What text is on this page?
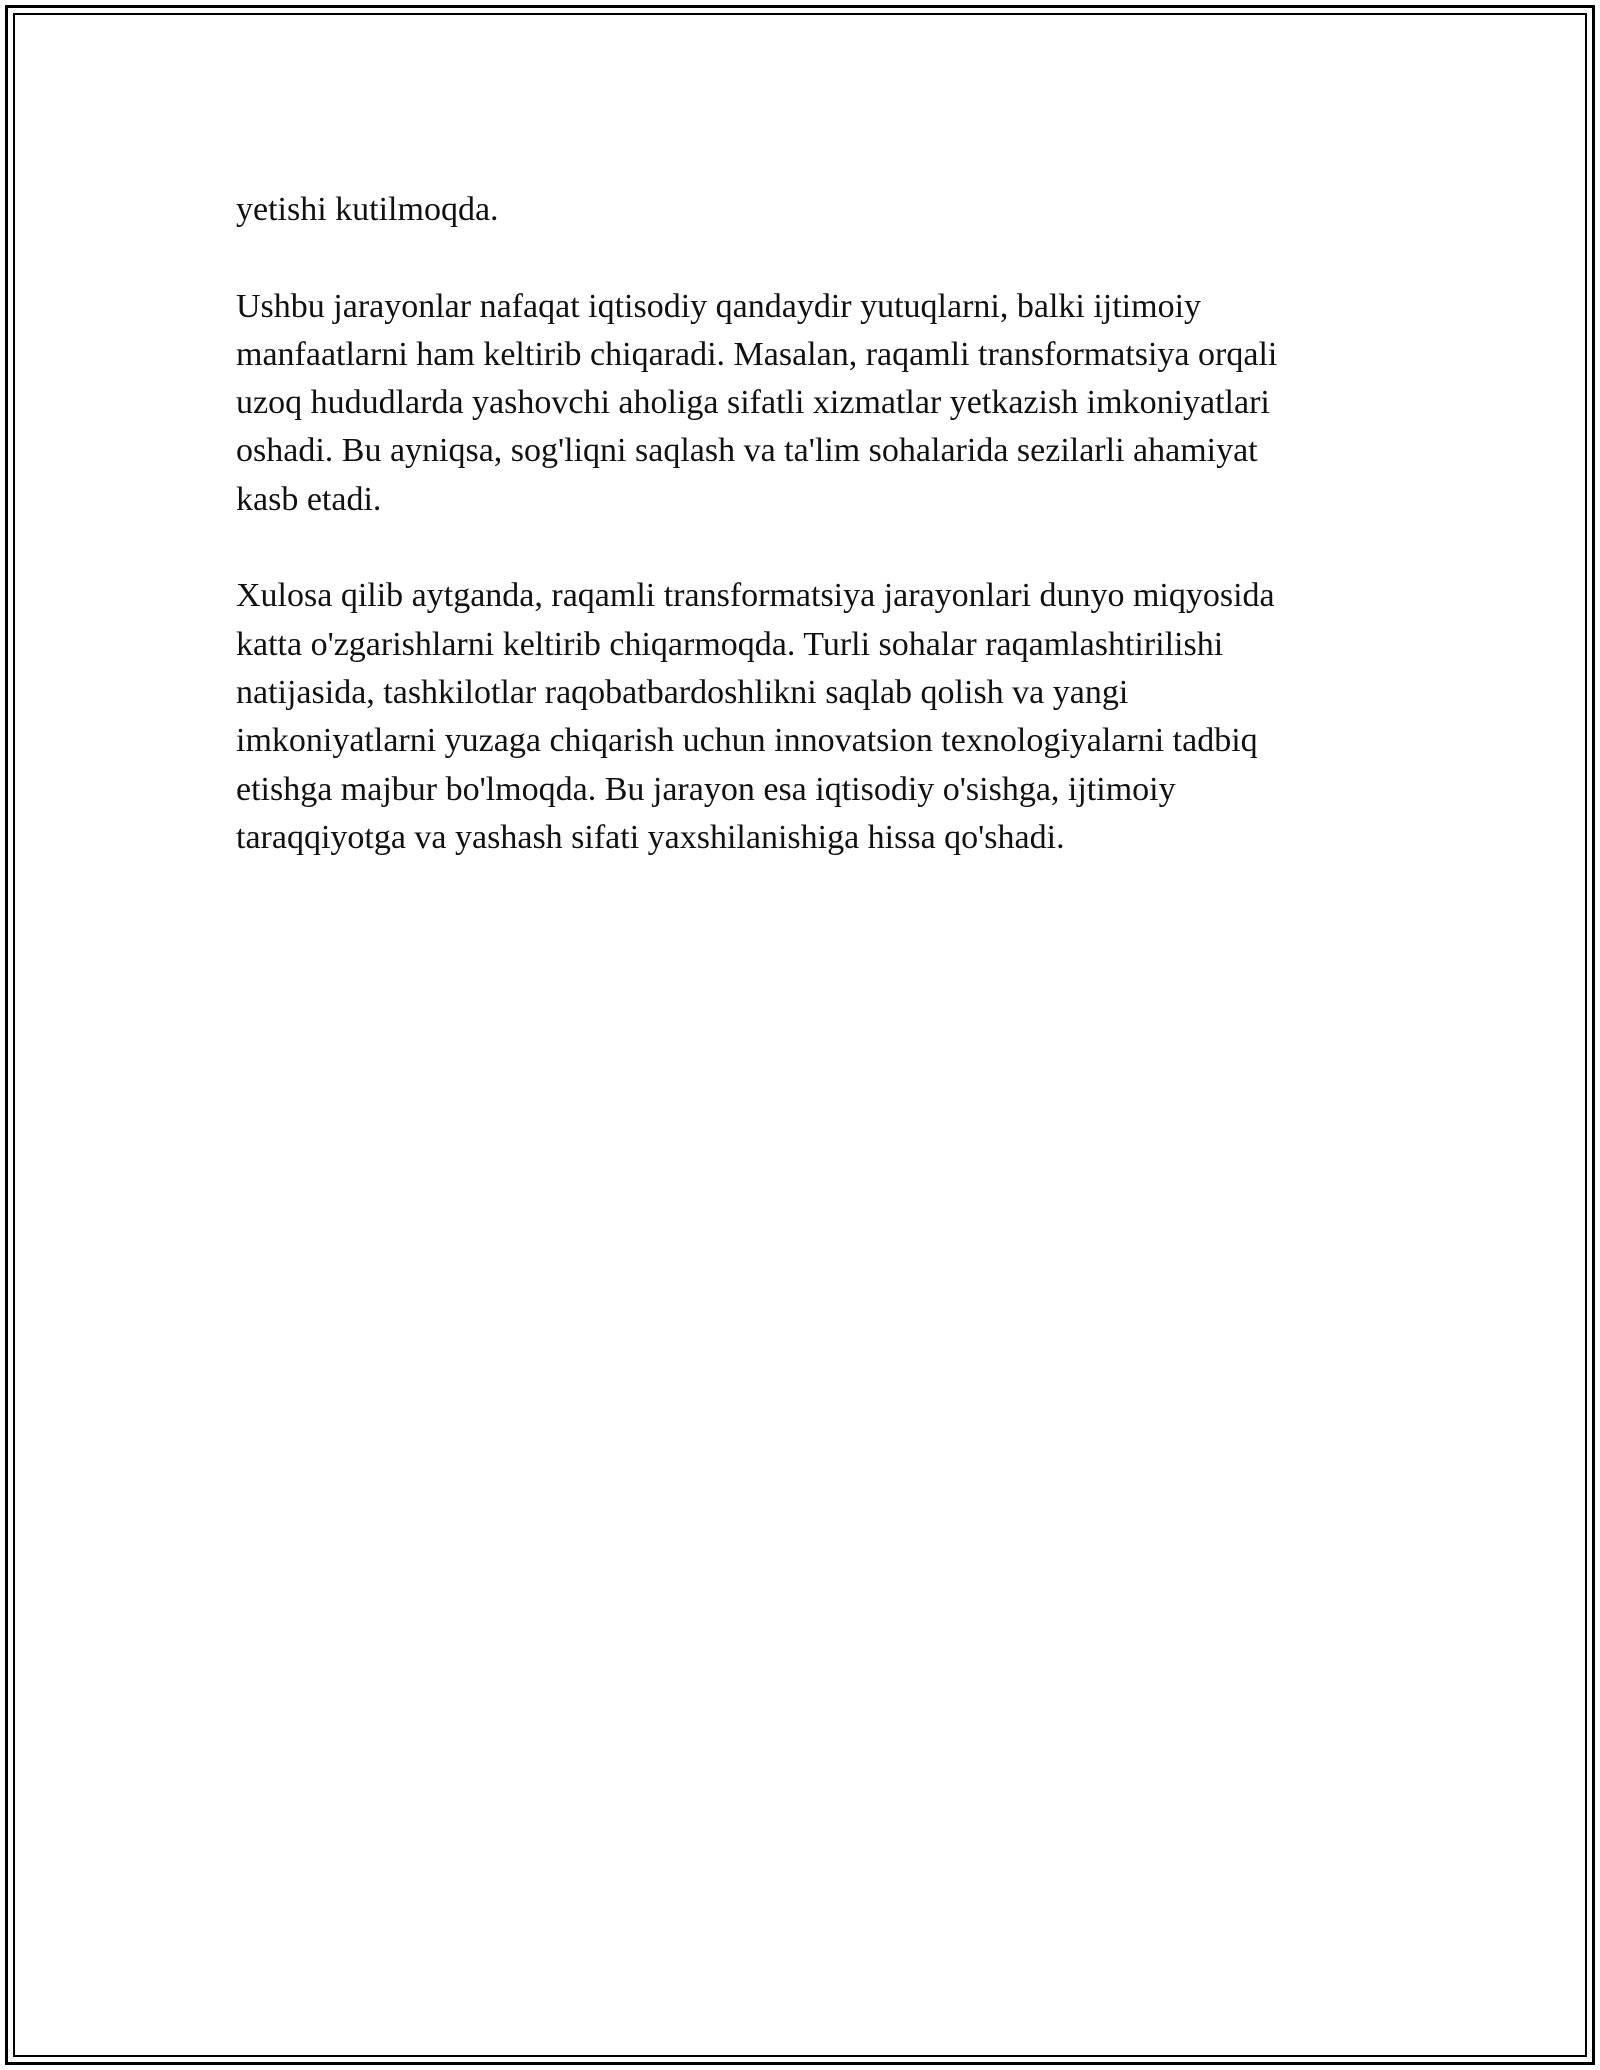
yetishi kutilmoqda.

Ushbu jarayonlar nafaqat iqtisodiy qandaydir yutuqlarni, balki ijtimoiy
manfaatlarni ham keltirib chiqaradi. Masalan, raqamli transformatsiya orqali
uzoq hududlarda yashovchi aholiga sifatli xizmatlar yetkazish imkoniyatlari
oshadi. Bu ayniqsa, sog'liqni saqlash va ta'lim sohalarida sezilarli ahamiyat
kasb etadi.

Xulosa qilib aytganda, raqamli transformatsiya jarayonlari dunyo miqyosida
katta o'zgarishlarni keltirib chiqarmoqda. Turli sohalar raqamlashtirilishi
natijasida, tashkilotlar raqobatbardoshlikni saqlab qolish va yangi
imkoniyatlarni yuzaga chiqarish uchun innovatsion texnologiyalarni tadbiq
etishga majbur bo'lmoqda. Bu jarayon esa iqtisodiy o'sishga, ijtimoiy
taraqqiyotga va yashash sifati yaxshilanishiga hissa qo'shadi.
